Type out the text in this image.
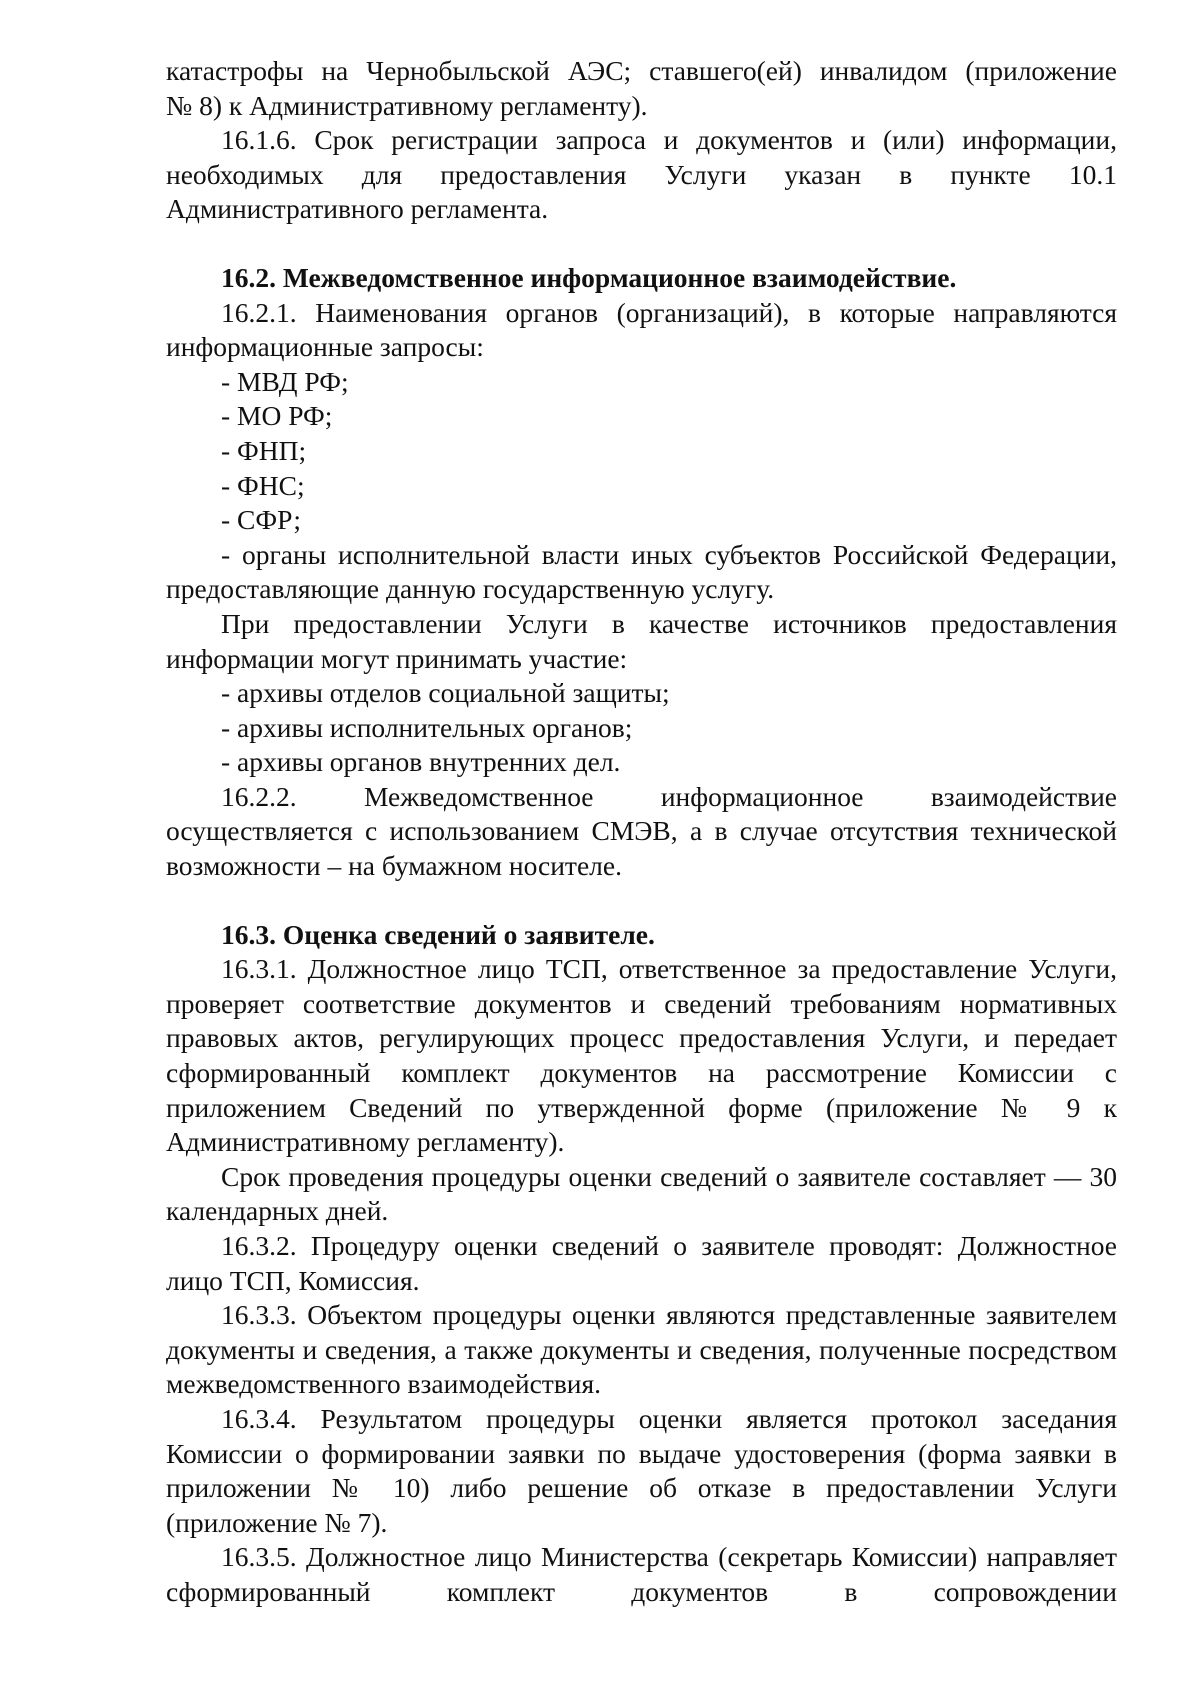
катастрофы на Чернобыльской АЭС; ставшего(ей) инвалидом (приложение

№ 8) к Административному регламенту).

16.1.6. Срок регистрации запроса и документов и (или) информации, необходимых для предоставления Услуги указан в пункте 10.1 Административного регламента.

16.2. Межведомственное информационное взаимодействие.

16.2.1. Наименования органов (организаций), в которые направляются информационные запросы:

- МВД РФ;

- МО РФ;

- ФНП;

- ФНС;

- СФР;

- органы исполнительной власти иных субъектов Российской Федерации, предоставляющие данную государственную услугу.

При предоставлении Услуги в качестве источников предоставления информации могут принимать участие:

- архивы отделов социальной защиты;

- архивы исполнительных органов;

- архивы органов внутренних дел.

16.2.2. Межведомственное информационное взаимодействие осуществляется с использованием СМЭВ, а в случае отсутствия технической возможности – на бумажном носителе.

16.3. Оценка сведений о заявителе.

16.3.1. Должностное лицо ТСП, ответственное за предоставление Услуги, проверяет соответствие документов и сведений требованиям нормативных правовых актов, регулирующих процесс предоставления Услуги, и передает сформированный комплект документов на рассмотрение Комиссии с приложением Сведений по утвержденной форме (приложение № 9 к Административному регламенту).

Срок проведения процедуры оценки сведений о заявителе составляет — 30 календарных дней.

16.3.2. Процедуру оценки сведений о заявителе проводят: Должностное лицо ТСП, Комиссия.

16.3.3. Объектом процедуры оценки являются представленные заявителем документы и сведения, а также документы и сведения, полученные посредством межведомственного взаимодействия.

16.3.4. Результатом процедуры оценки является протокол заседания Комиссии о формировании заявки по выдаче удостоверения (форма заявки в приложении № 10) либо решение об отказе в предоставлении Услуги (приложение № 7).

16.3.5. Должностное лицо Министерства (секретарь Комиссии) направляет сформированный комплект документов в сопровождении
